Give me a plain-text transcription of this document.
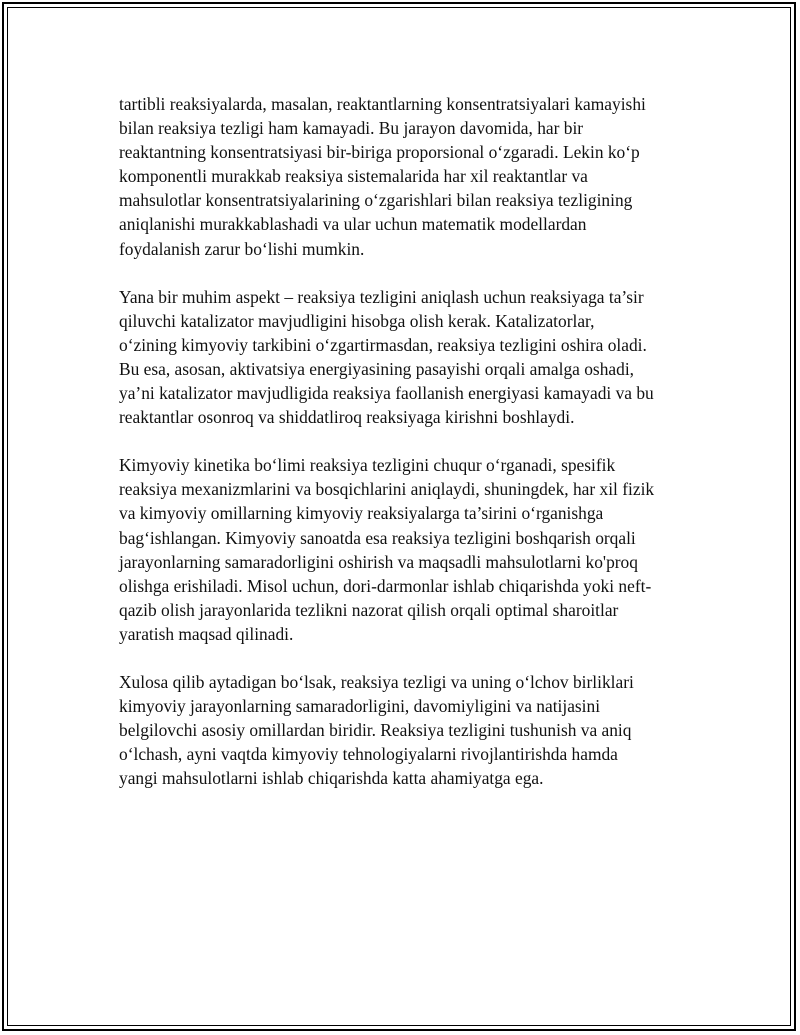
tartibli reaksiyalarda, masalan, reaktantlarning konsentratsiyalari kamayishi
bilan reaksiya tezligi ham kamayadi. Bu jarayon davomida, har bir
reaktantning konsentratsiyasi bir-biriga proporsional o‘zgaradi. Lekin ko‘p
komponentli murakkab reaksiya sistemalarida har xil reaktantlar va
mahsulotlar konsentratsiyalarining o‘zgarishlari bilan reaksiya tezligining
aniqlanishi murakkablashadi va ular uchun matematik modellardan
foydalanish zarur bo‘lishi mumkin.

Yana bir muhim aspekt – reaksiya tezligini aniqlash uchun reaksiyaga ta’sir
qiluvchi katalizator mavjudligini hisobga olish kerak. Katalizatorlar,
o‘zining kimyoviy tarkibini o‘zgartirmasdan, reaksiya tezligini oshira oladi.
Bu esa, asosan, aktivatsiya energiyasining pasayishi orqali amalga oshadi,
ya’ni katalizator mavjudligida reaksiya faollanish energiyasi kamayadi va bu
reaktantlar osonroq va shiddatliroq reaksiyaga kirishni boshlaydi.

Kimyoviy kinetika bo‘limi reaksiya tezligini chuqur o‘rganadi, spesifik
reaksiya mexanizmlarini va bosqichlarini aniqlaydi, shuningdek, har xil fizik
va kimyoviy omillarning kimyoviy reaksiyalarga ta’sirini o‘rganishga
bag‘ishlangan. Kimyoviy sanoatda esa reaksiya tezligini boshqarish orqali
jarayonlarning samaradorligini oshirish va maqsadli mahsulotlarni ko'proq
olishga erishiladi. Misol uchun, dori-darmonlar ishlab chiqarishda yoki neft-
qazib olish jarayonlarida tezlikni nazorat qilish orqali optimal sharoitlar
yaratish maqsad qilinadi.

Xulosa qilib aytadigan bo‘lsak, reaksiya tezligi va uning o‘lchov birliklari
kimyoviy jarayonlarning samaradorligini, davomiyligini va natijasini
belgilovchi asosiy omillardan biridir. Reaksiya tezligini tushunish va aniq
o‘lchash, ayni vaqtda kimyoviy tehnologiyalarni rivojlantirishda hamda
yangi mahsulotlarni ishlab chiqarishda katta ahamiyatga ega.
